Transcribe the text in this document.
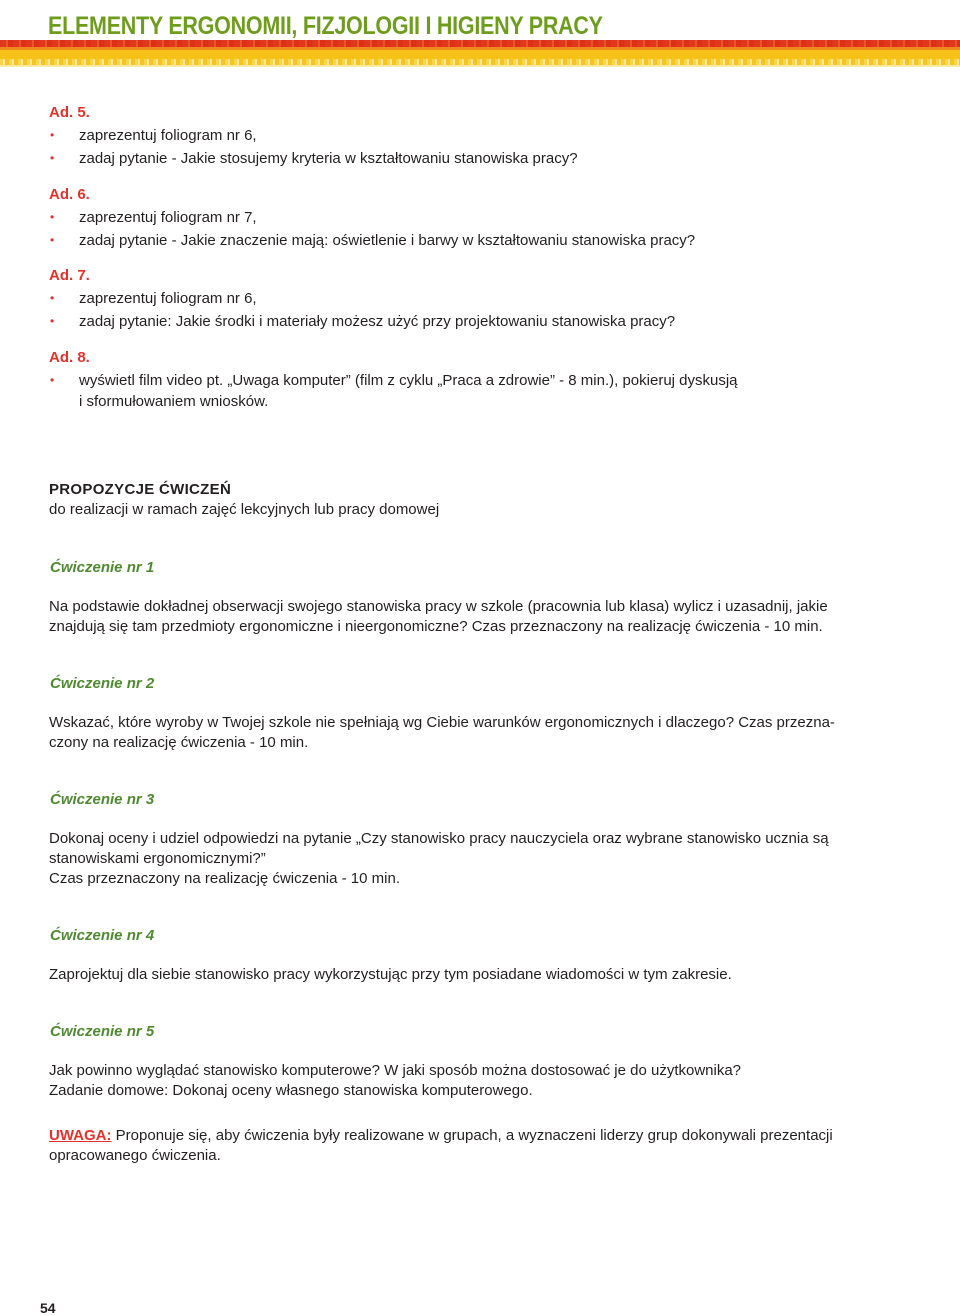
ELEMENTY ERGONOMII, FIZJOLOGII I HIGIENY PRACY

Ad. 5.

• zaprezentuj foliogram nr 6,
• zadaj pytanie - Jakie stosujemy kryteria w kształtowaniu stanowiska pracy?

Ad. 6.

• zaprezentuj foliogram nr 7,
• zadaj pytanie - Jakie znaczenie mają: oświetlenie i barwy w kształtowaniu stanowiska pracy?

Ad. 7.

• zaprezentuj foliogram nr 6,
• zadaj pytanie: Jakie środki i materiały możesz użyć przy projektowaniu stanowiska pracy?

Ad. 8.

• wyświetl film video pt. „Uwaga komputer” (film z cyklu „Praca a zdrowie” - 8 min.), pokieruj dyskusją
i sformułowaniem wniosków.

PROPOZYCJE ĆWICZEŃ

do realizacji w ramach zajęć lekcyjnych lub pracy domowej

Ćwiczenie nr 1

Na podstawie dokładnej obserwacji swojego stanowiska pracy w szkole (pracownia lub klasa) wylicz i uzasadnij, jakie
znajdują się tam przedmioty ergonomiczne i nieergonomiczne? Czas przeznaczony na realizację ćwiczenia - 10 min.

Ćwiczenie nr 2

Wskazać, które wyroby w Twojej szkole nie spełniają wg Ciebie warunków ergonomicznych i dlaczego? Czas przezna-
czony na realizację ćwiczenia - 10 min.

Ćwiczenie nr 3

Dokonaj oceny i udziel odpowiedzi na pytanie „Czy stanowisko pracy nauczyciela oraz wybrane stanowisko ucznia są
stanowiskami ergonomicznymi?”
Czas przeznaczony na realizację ćwiczenia - 10 min.

Ćwiczenie nr 4

Zaprojektuj dla siebie stanowisko pracy wykorzystując przy tym posiadane wiadomości w tym zakresie.

Ćwiczenie nr 5

Jak powinno wyglądać stanowisko komputerowe? W jaki sposób można dostosować je do użytkownika?
Zadanie domowe: Dokonaj oceny własnego stanowiska komputerowego.
UWAGA: Proponuje się, aby ćwiczenia były realizowane w grupach, a wyznaczeni liderzy grup dokonywali prezentacji
opracowanego ćwiczenia.
54
